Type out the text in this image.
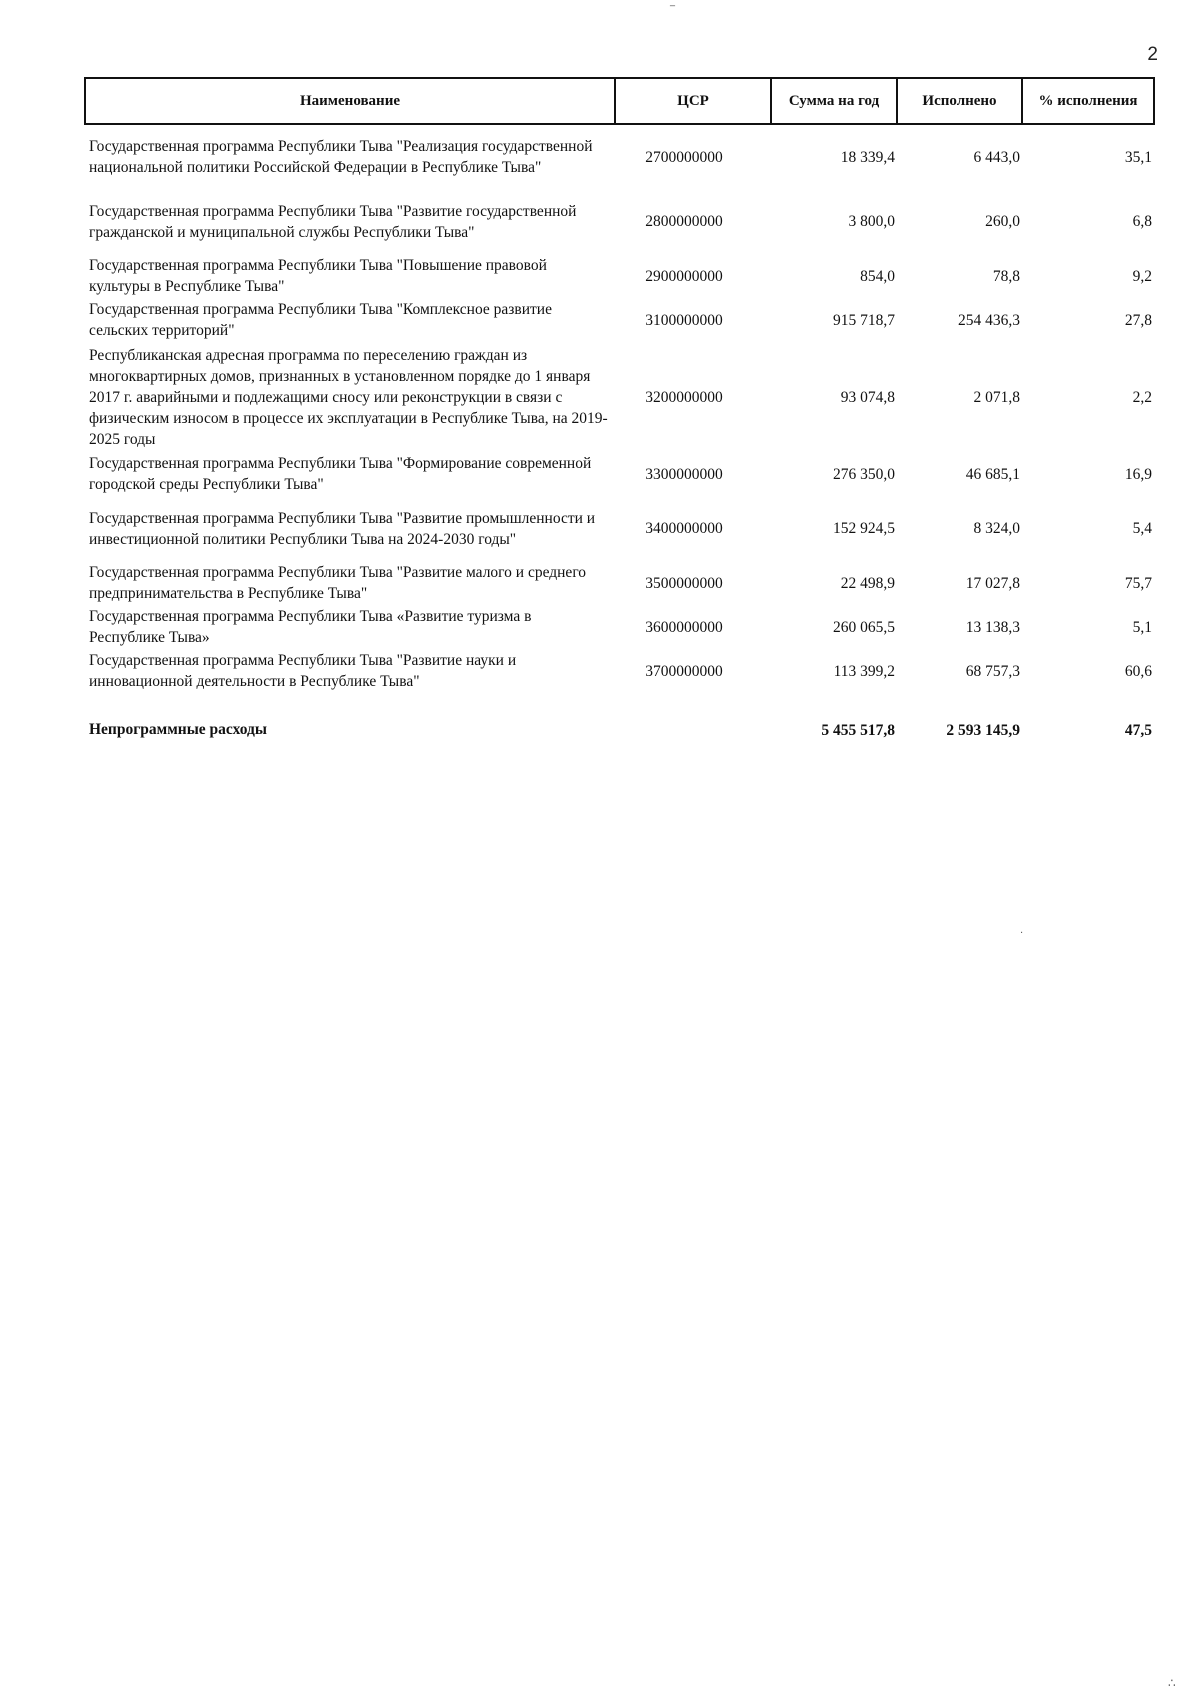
2
Наименование	ЦСР	Сумма на год	Исполнено	% исполнения
Государственная программа Республики Тыва "Реализация государственной национальной политики Российской Федерации в Республике Тыва"	2700000000	18 339,4	6 443,0	35,1
Государственная программа Республики Тыва "Развитие государственной гражданской и муниципальной службы Республики Тыва"	2800000000	3 800,0	260,0	6,8
Государственная программа Республики Тыва "Повышение правовой культуры в Республике Тыва"	2900000000	854,0	78,8	9,2
Государственная программа Республики Тыва "Комплексное развитие сельских территорий"	3100000000	915 718,7	254 436,3	27,8
Республиканская адресная программа по переселению граждан из многоквартирных домов, признанных в установленном порядке до 1 января 2017 г. аварийными и подлежащими сносу или реконструкции в связи с физическим износом в процессе их эксплуатации в Республике Тыва, на 2019-2025 годы	3200000000	93 074,8	2 071,8	2,2
Государственная программа Республики Тыва "Формирование современной городской среды Республики Тыва"	3300000000	276 350,0	46 685,1	16,9
Государственная программа Республики Тыва "Развитие промышленности и инвестиционной политики Республики Тыва на 2024-2030 годы"	3400000000	152 924,5	8 324,0	5,4
Государственная программа Республики Тыва "Развитие малого и среднего предпринимательства в Республике Тыва"	3500000000	22 498,9	17 027,8	75,7
Государственная программа Республики Тыва «Развитие туризма в Республике Тыва»	3600000000	260 065,5	13 138,3	5,1
Государственная программа Республики Тыва "Развитие науки и инновационной деятельности в Республике Тыва"	3700000000	113 399,2	68 757,3	60,6
Непрограммные расходы		5 455 517,8	2 593 145,9	47,5
_
·
∴
